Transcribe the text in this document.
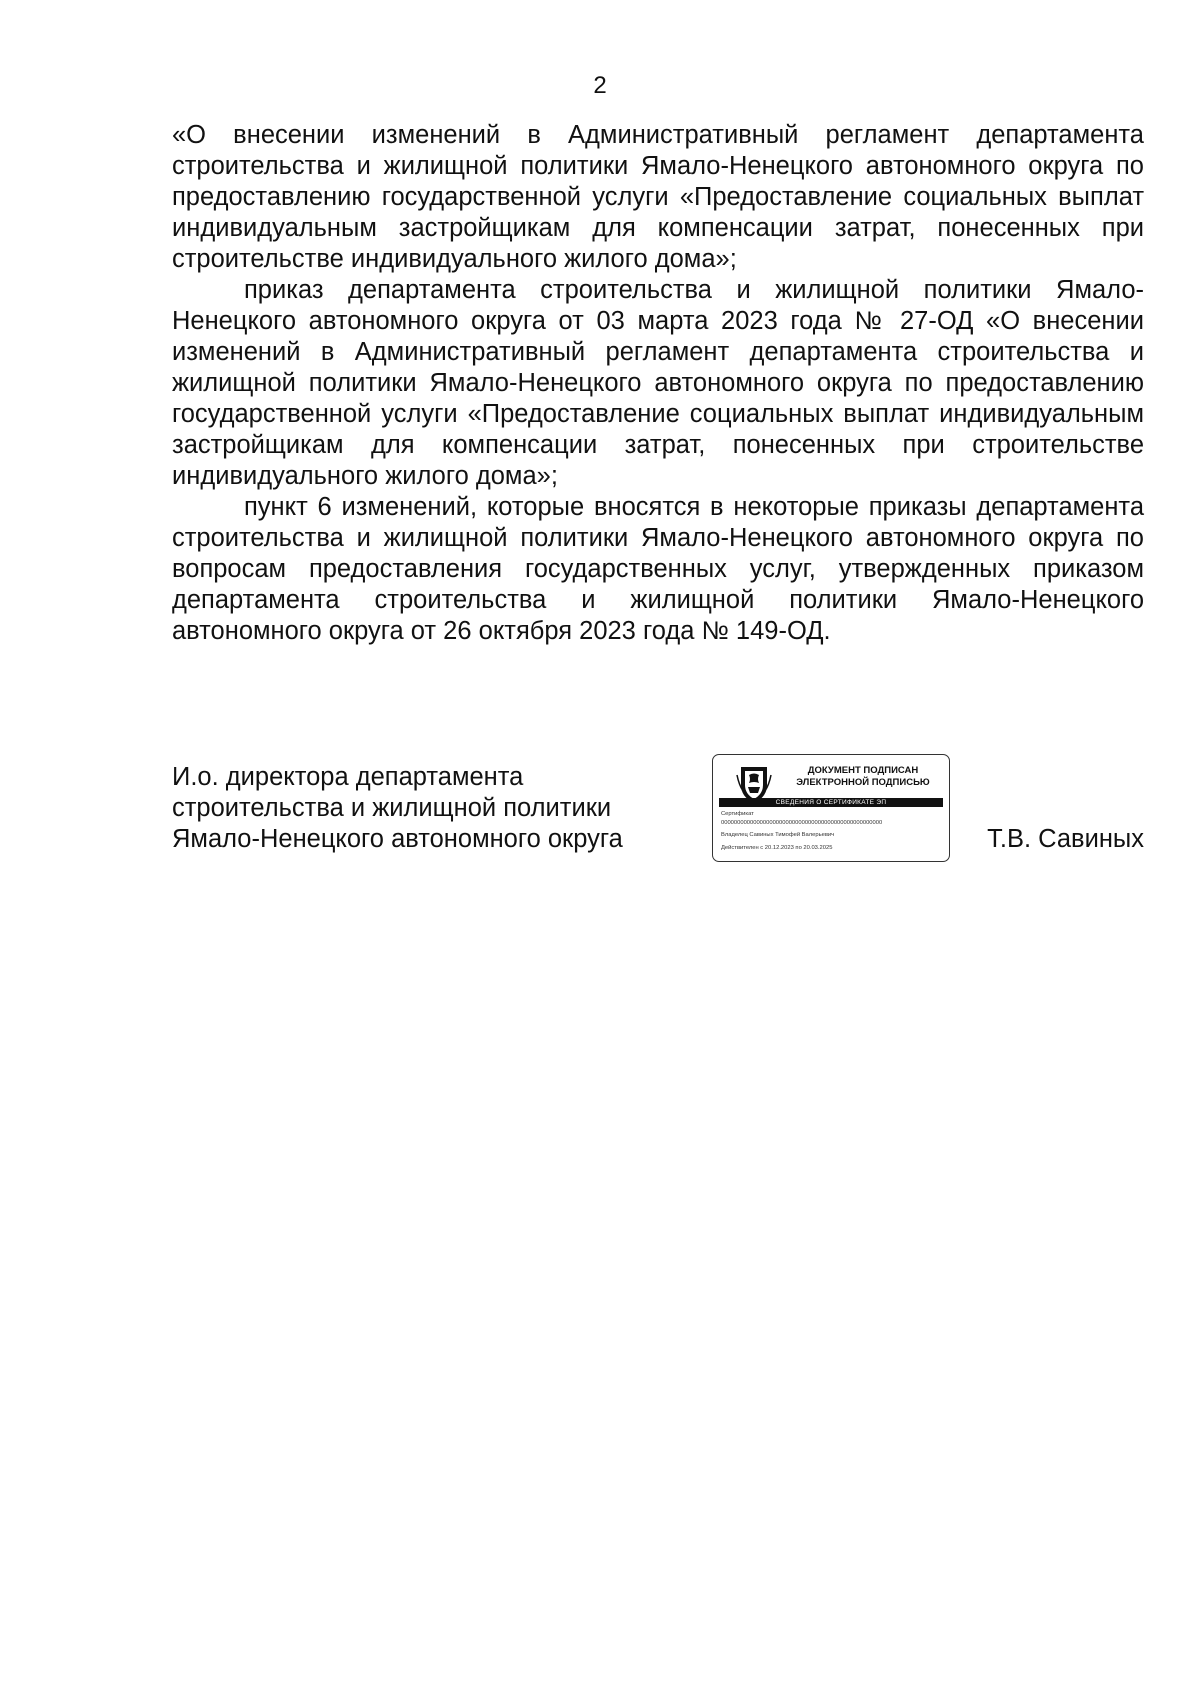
2

«О внесении изменений в Административный регламент департамента строительства и жилищной политики Ямало-Ненецкого автономного округа по предоставлению государственной услуги «Предоставление социальных выплат индивидуальным застройщикам для компенсации затрат, понесенных при строительстве индивидуального жилого дома»;

приказ департамента строительства и жилищной политики Ямало-Ненецкого автономного округа от 03 марта 2023 года № 27-ОД «О внесении изменений в Административный регламент департамента строительства и жилищной политики Ямало-Ненецкого автономного округа по предоставлению государственной услуги «Предоставление социальных выплат индивидуальным застройщикам для компенсации затрат, понесенных при строительстве индивидуального жилого дома»;

пункт 6 изменений, которые вносятся в некоторые приказы департамента строительства и жилищной политики Ямало-Ненецкого автономного округа по вопросам предоставления государственных услуг, утвержденных приказом департамента строительства и жилищной политики Ямало-Ненецкого автономного округа от 26 октября 2023 года № 149-ОД.

И.о. директора департамента
строительства и жилищной политики
Ямало-Ненецкого автономного округа
ДОКУМЕНТ ПОДПИСАН
ЭЛЕКТРОННОЙ ПОДПИСЬЮ
СВЕДЕНИЯ О СЕРТИФИКАТЕ ЭП
Сертификат
00000000000000000000000000000000000000000000000000
Владелец Савиных Тимофей Валерьевич
Действителен с 20.12.2023 по 20.03.2025	Т.В. Савиных
